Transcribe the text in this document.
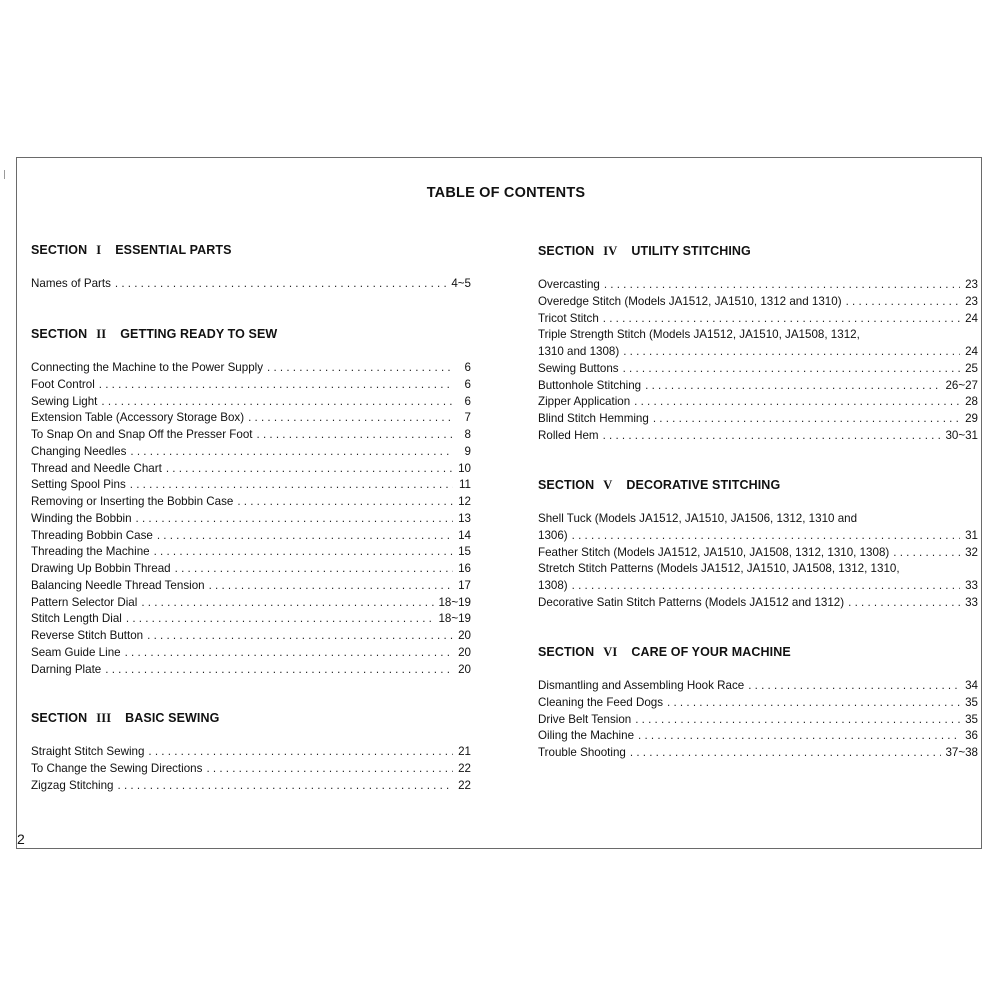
TABLE OF CONTENTS
SECTION I ESSENTIAL PARTS
Names of Parts . . .	4~5
SECTION II GETTING READY TO SEW
Connecting the Machine to the Power Supply . . .	6
Foot Control . . .	6
Sewing Light . . .	6
Extension Table (Accessory Storage Box) . . .	7
To Snap On and Snap Off the Presser Foot . . .	8
Changing Needles . . .	9
Thread and Needle Chart . . .	10
Setting Spool Pins . . .	11
Removing or Inserting the Bobbin Case . . .	12
Winding the Bobbin . . .	13
Threading Bobbin Case . . .	14
Threading the Machine . . .	15
Drawing Up Bobbin Thread . . .	16
Balancing Needle Thread Tension . . .	17
Pattern Selector Dial . . .	18~19
Stitch Length Dial . . .	18~19
Reverse Stitch Button . . .	20
Seam Guide Line . . .	20
Darning Plate . . .	20
SECTION III BASIC SEWING
Straight Stitch Sewing . . .	21
To Change the Sewing Directions . . .	22
Zigzag Stitching . . .	22
SECTION IV UTILITY STITCHING
Overcasting . . .	23
Overedge Stitch (Models JA1512, JA1510, 1312 and 1310) . . .	23
Tricot Stitch . . .	24
Triple Strength Stitch (Models JA1512, JA1510, JA1508, 1312,
1310 and 1308) . . .	24
Sewing Buttons . . .	25
Buttonhole Stitching . . .	26~27
Zipper Application . . .	28
Blind Stitch Hemming . . .	29
Rolled Hem . . .	30~31
SECTION V DECORATIVE STITCHING
Shell Tuck (Models JA1512, JA1510, JA1506, 1312, 1310 and
1306) . . .	31
Feather Stitch (Models JA1512, JA1510, JA1508, 1312, 1310, 1308) . . .	32
Stretch Stitch Patterns (Models JA1512, JA1510, JA1508, 1312, 1310,
1308) . . .	33
Decorative Satin Stitch Patterns (Models JA1512 and 1312) . . .	33
SECTION VI CARE OF YOUR MACHINE
Dismantling and Assembling Hook Race . . .	34
Cleaning the Feed Dogs . . .	35
Drive Belt Tension . . .	35
Oiling the Machine . . .	36
Trouble Shooting . . .	37~38
2
